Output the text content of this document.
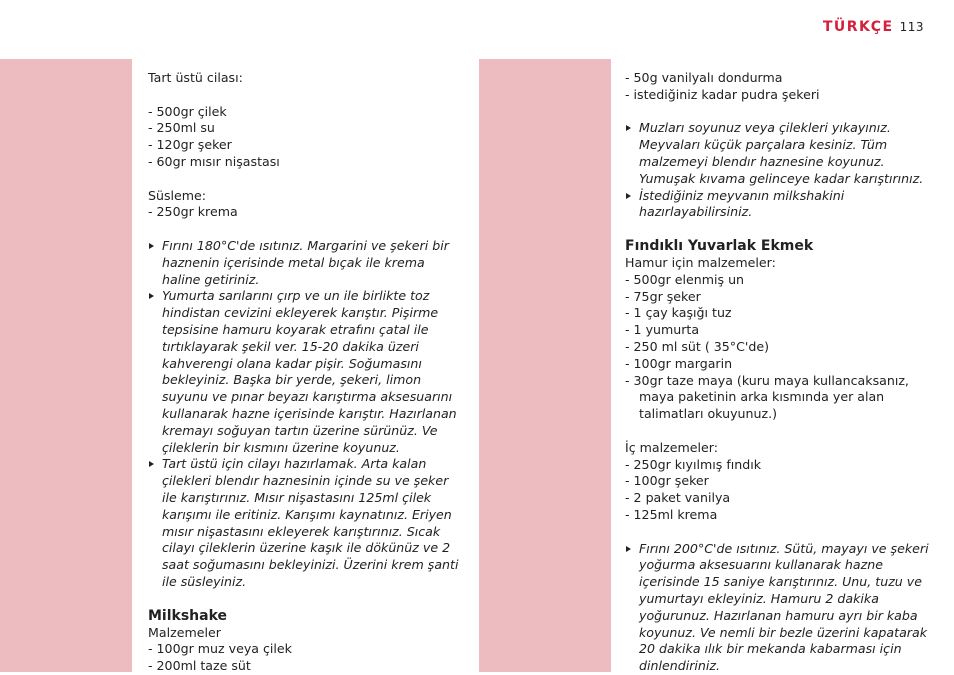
TÜRKÇE 113

Tart üstü cilası:

- 500gr çilek

- 250ml su

- 120gr şeker

- 60gr mısır nişastası

Süsleme:

- 250gr krema

Fırını 180°C'de ısıtınız. Margarini ve şekeri bir haznenin içerisinde metal bıçak ile krema haline getiriniz.

Yumurta sarılarını çırp ve un ile birlikte toz hindistan cevizini ekleyerek karıştır. Pişirme tepsisine hamuru koyarak etrafını çatal ile tırtıklayarak şekil ver. 15-20 dakika üzeri kahverengi olana kadar pişir. Soğumasını bekleyiniz. Başka bir yerde, şekeri, limon suyunu ve pınar beyazı karıştırma aksesuarını kullanarak hazne içerisinde karıştır. Hazırlanan kremayı soğuyan tartın üzerine sürünüz. Ve çileklerin bir kısmını üzerine koyunuz.

Tart üstü için cilayı hazırlamak. Arta kalan çilekleri blendır haznesinin içinde su ve şeker ile karıştırınız. Mısır nişastasını 125ml çilek karışımı ile eritiniz. Karışımı kaynatınız. Eriyen mısır nişastasını ekleyerek karıştırınız. Sıcak cilayı çileklerin üzerine kaşık ile dökünüz ve 2 saat soğumasını bekleyinizi. Üzerini krem şanti ile süsleyiniz.

Milkshake

Malzemeler

- 100gr muz veya çilek

- 200ml taze süt

- 50g vanilyalı dondurma

- istediğiniz kadar pudra şekeri

Muzları soyunuz veya çilekleri yıkayınız. Meyvaları küçük parçalara kesiniz. Tüm malzemeyi blendır haznesine koyunuz. Yumuşak kıvama gelinceye kadar karıştırınız.

İstediğiniz meyvanın milkshakini hazırlayabilirsiniz.

Fındıklı Yuvarlak Ekmek

Hamur için malzemeler:

- 500gr elenmiş un

- 75gr şeker

- 1 çay kaşığı tuz

- 1 yumurta

- 250 ml süt ( 35°C'de)

- 100gr margarin

- 30gr taze maya (kuru maya kullancaksanız, maya paketinin arka kısmında yer alan talimatları okuyunuz.)

İç malzemeler:

- 250gr kıyılmış fındık

- 100gr şeker

- 2 paket vanilya

- 125ml krema

Fırını 200°C'de ısıtınız. Sütü, mayayı ve şekeri yoğurma aksesuarını kullanarak hazne içerisinde 15 saniye karıştırınız. Unu, tuzu ve yumurtayı ekleyiniz. Hamuru 2 dakika yoğurunuz. Hazırlanan hamuru ayrı bir kaba koyunuz. Ve nemli bir bezle üzerini kapatarak 20 dakika ılık bir mekanda kabarması için dinlendiriniz.
